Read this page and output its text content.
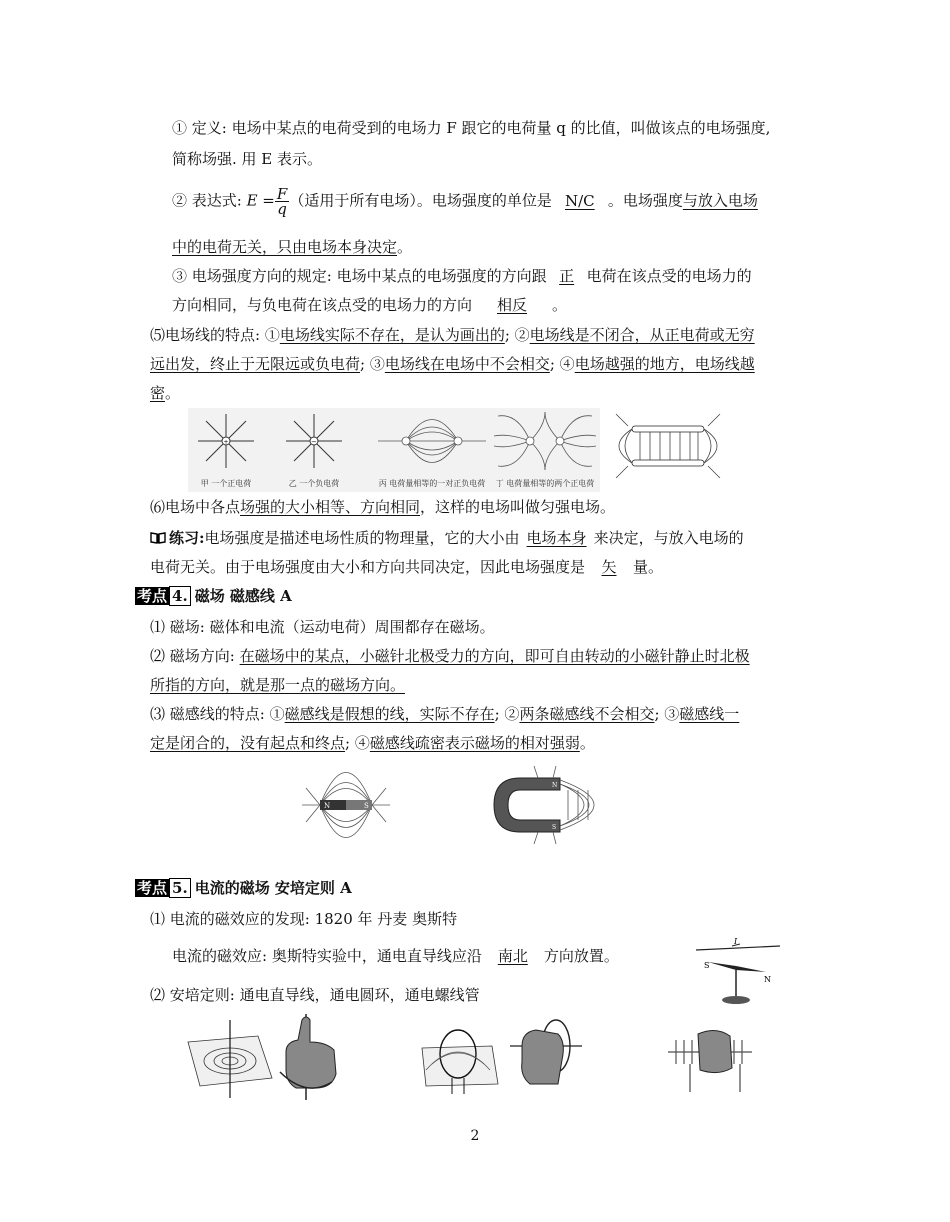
① 定义: 电场中某点的电荷受到的电场力 F 跟它的电荷量 q 的比值，叫做该点的电场强度,
简称场强. 用 E 表示。
② 表达式: $E = \frac{F}{q}$ （适用于所有电场）。电场强度的单位是 N/C 。电场强度与放入电场
中的电荷无关，只由电场本身决定。
③ 电场强度方向的规定: 电场中某点的电场强度的方向跟 正 电荷在该点受的电场力的
方向相同，与负电荷在该点受的电场力的方向 相反 。
⑸电场线的特点: ①电场线实际不存在，是认为画出的; ②电场线是不闭合，从正电荷或无穷
远出发，终止于无限远或负电荷; ③电场线在电场中不会相交; ④电场越强的地方，电场线越
密。
+
甲 一个正电荷
−
乙 一个负电荷	丙 电荷量相等的一对正负电荷 丁 电荷量相等的两个正电荷
⑹电场中各点场强的大小相等、方向相同，这样的电场叫做匀强电场。
练习:电场强度是描述电场性质的物理量，它的大小由 电场本身 来决定，与放入电场的
电荷无关。由于电场强度由大小和方向共同决定，因此电场强度是 矢 量。
考点 4. 磁场 磁感线 A
⑴ 磁场: 磁体和电流（运动电荷）周围都存在磁场。
⑵ 磁场方向: 在磁场中的某点，小磁针北极受力的方向，即可自由转动的小磁针静止时北极
所指的方向，就是那一点的磁场方向。
⑶ 磁感线的特点: ①磁感线是假想的线，实际不存在; ②两条磁感线不会相交; ③磁感线一
定是闭合的，没有起点和终点; ④磁感线疏密表示磁场的相对强弱。
N	S
N
S
考点 5. 电流的磁场 安培定则 A
⑴ 电流的磁效应的发现: 1820 年 丹麦 奥斯特
电流的磁效应: 奥斯特实验中，通电直导线应沿 南北 方向放置。
I
S
N
⑵ 安培定则: 通电直导线，通电圆环，通电螺线管
2
